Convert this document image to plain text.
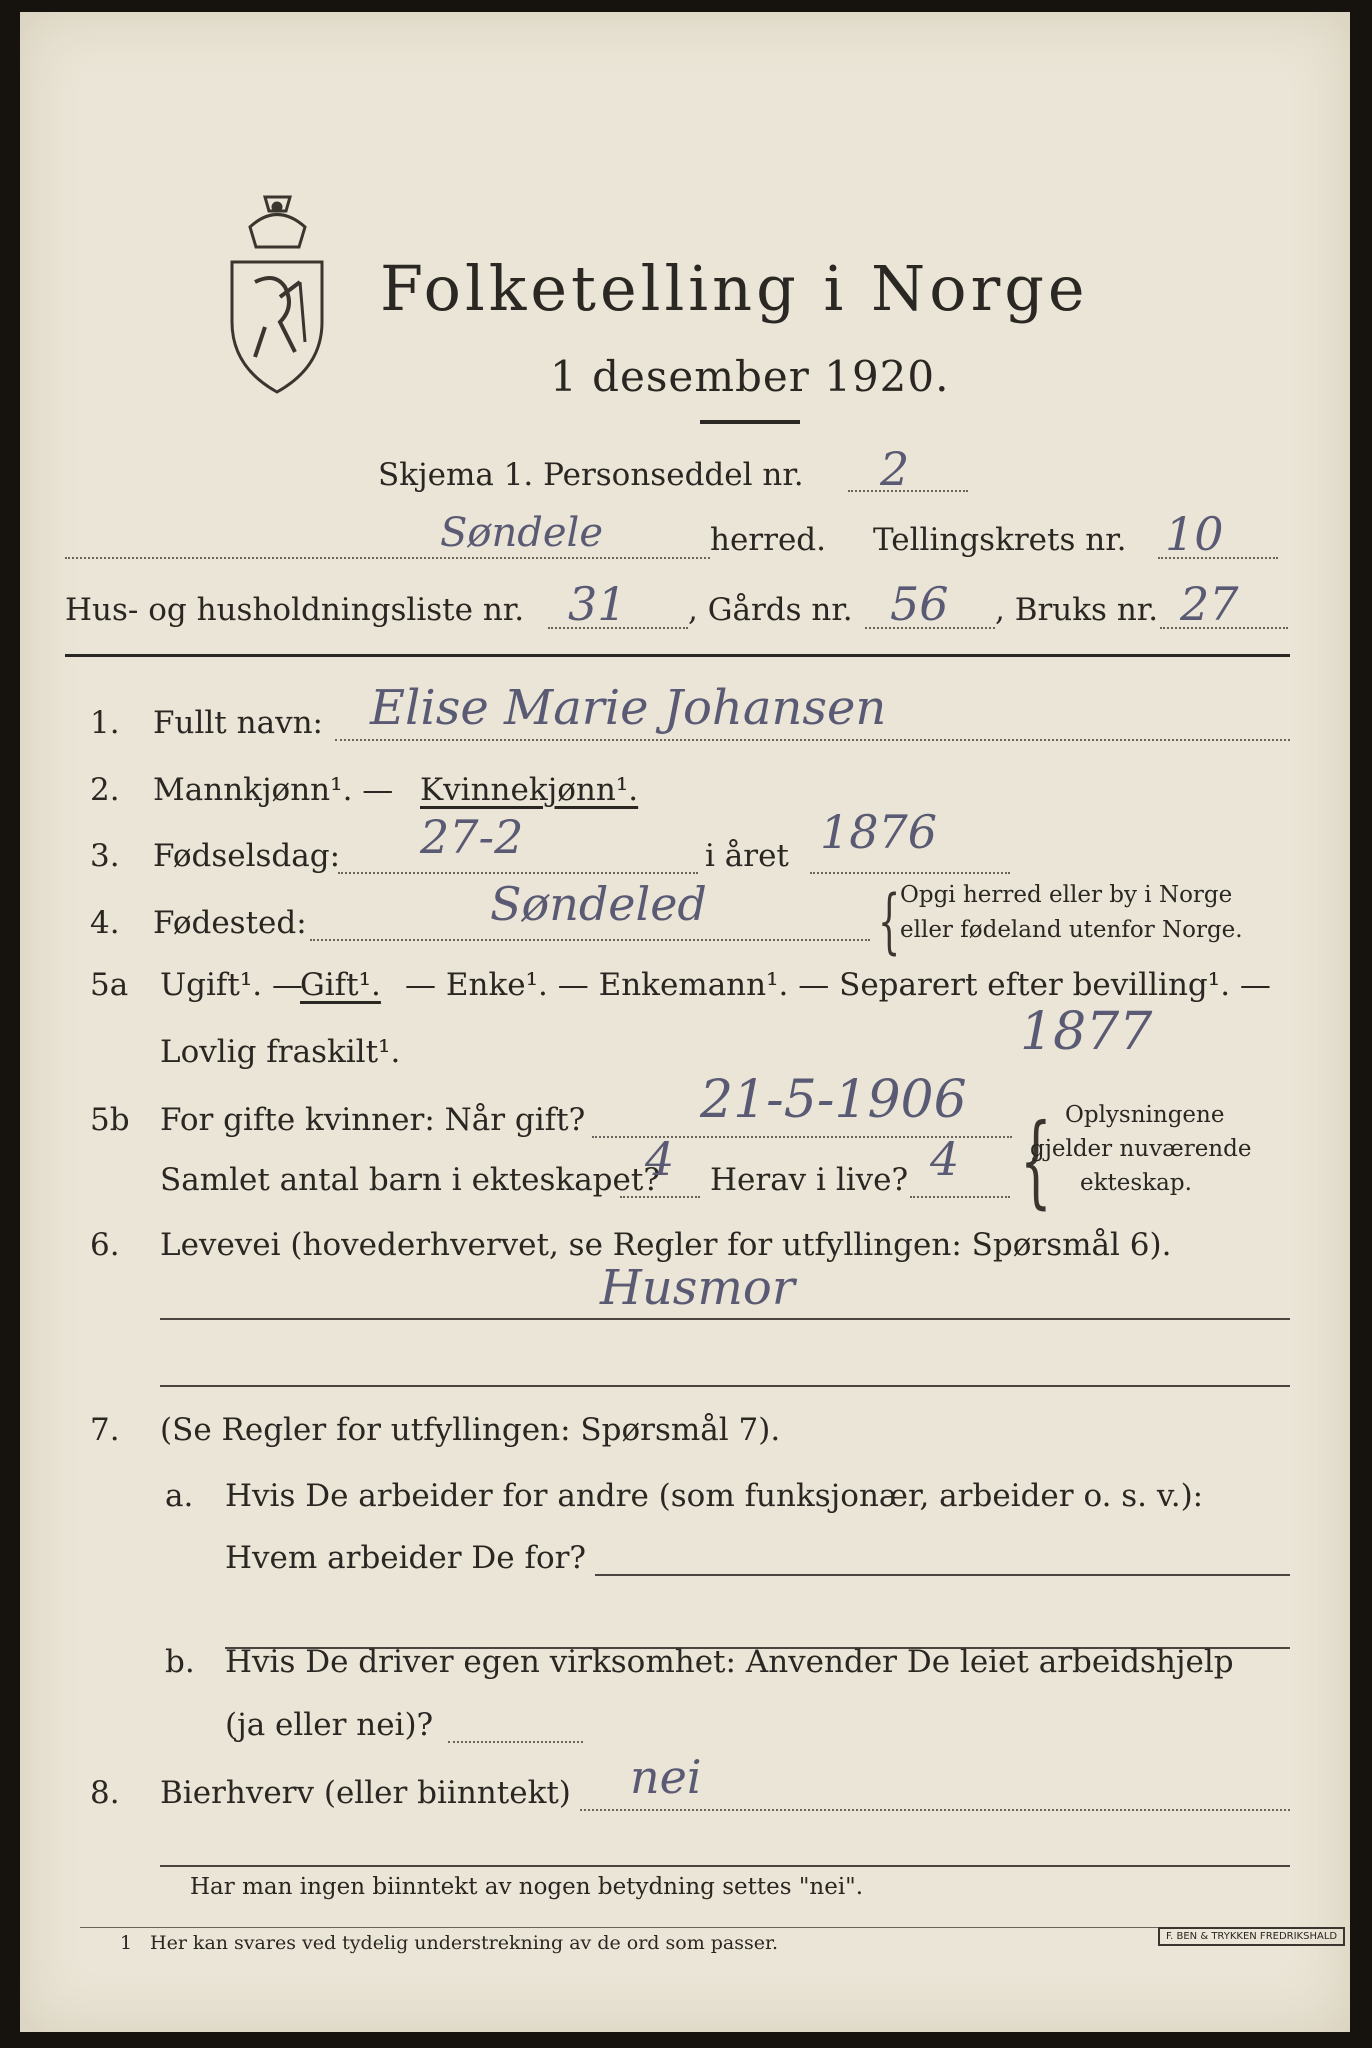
Folketelling i Norge
1 desember 1920.
Skjema 1. Personseddel nr. 2
Søndele	herred. Tellingskrets nr. 10
Hus- og husholdningsliste nr. 31 , Gårds nr. 56 , Bruks nr. 27
1. Fullt navn: Elise Marie Johansen
2. Mannkjønn¹. — Kvinnekjønn¹.
3. Fødselsdag: 27-2	i året 1876
4. Fødested:	Søndeled { Opgi herred eller by i Norge
eller fødeland utenfor Norge.
5a Ugift¹. —
Gift¹. — Enke¹. — Enkemann¹. — Separert efter bevilling¹. —
Lovlig fraskilt¹.	1877
5b For gifte kvinner: Når gift? 21-5-1906
Samlet antal barn i ekteskapet?
4 Herav i live? 4 { Oplysningene
gjelder nuværende
ekteskap.
6. Levevei (hovederhvervet, se Regler for utfyllingen: Spørsmål 6).
Husmor
7. (Se Regler for utfyllingen: Spørsmål 7).
a. Hvis De arbeider for andre (som funksjonær, arbeider o. s. v.):
Hvem arbeider De for?
b. Hvis De driver egen virksomhet: Anvender De leiet arbeidshjelp
(ja eller nei)?
8. Bierhverv (eller biinntekt) nei
Har man ingen biinntekt av nogen betydning settes "nei".
1 Her kan svares ved tydelig understrekning av de ord som passer.	F. BEN & TRYKKEN FREDRIKSHALD
